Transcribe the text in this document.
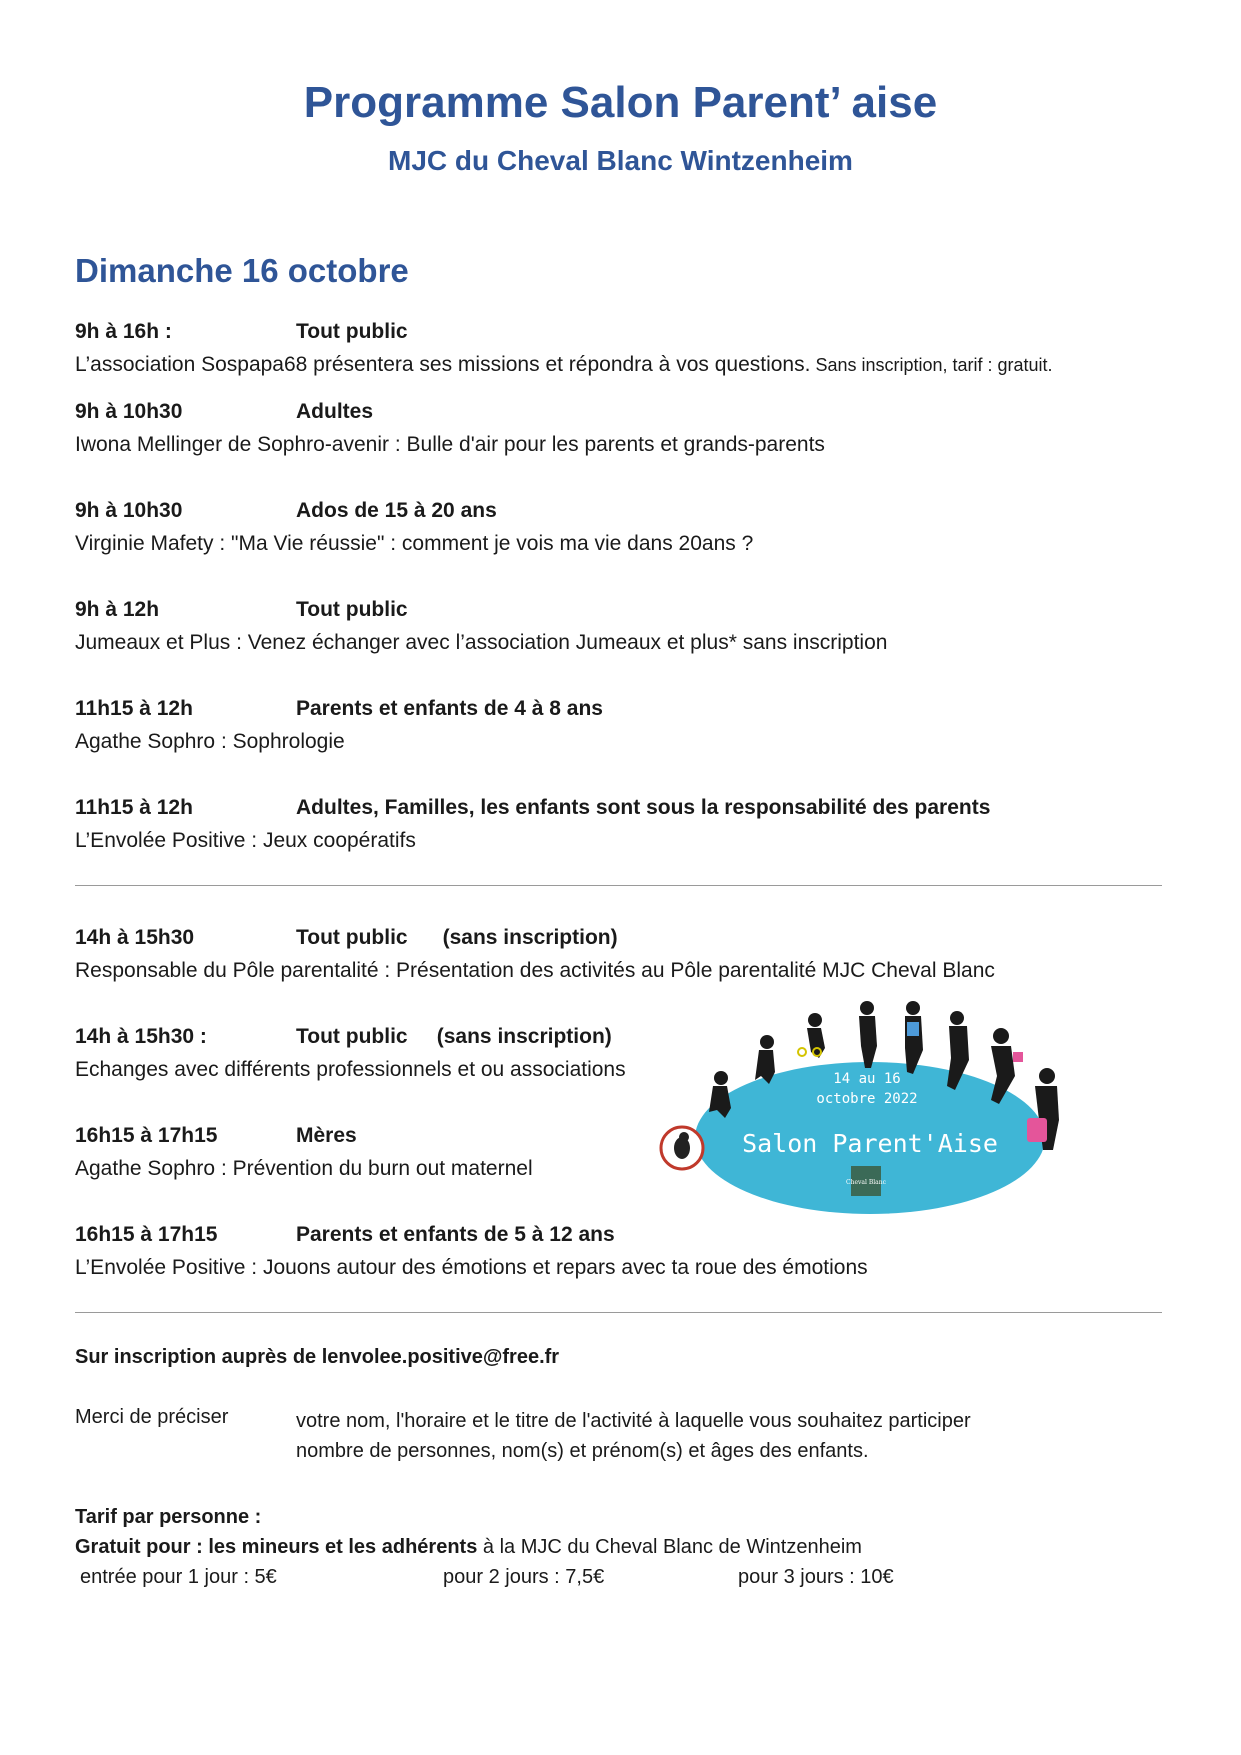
Programme Salon Parent’ aise
MJC du Cheval Blanc Wintzenheim
Dimanche 16 octobre
9h à 16h :	Tout public
L’association Sospapa68 présentera ses missions et répondra à vos questions. Sans inscription, tarif : gratuit.
9h à 10h30	Adultes
Iwona Mellinger de Sophro-avenir : Bulle d'air pour les parents et grands-parents
9h à 10h30	Ados de 15 à 20 ans
Virginie Mafety : "Ma Vie réussie" : comment je vois ma vie dans 20ans ?
9h à 12h	Tout public
Jumeaux et Plus : Venez échanger avec l’association Jumeaux et plus* sans inscription
11h15 à 12h	Parents et enfants de 4 à 8 ans
Agathe Sophro : Sophrologie
11h15 à 12h	Adultes, Familles, les enfants sont sous la responsabilité des parents
L’Envolée Positive : Jeux coopératifs
14h à 15h30	Tout public      (sans inscription)
Responsable du Pôle parentalité : Présentation des activités au Pôle parentalité MJC Cheval Blanc
14h à 15h30 :	Tout public     (sans inscription)
Echanges avec différents professionnels et ou associations
16h15 à 17h15	Mères
Agathe Sophro : Prévention du burn out maternel
16h15 à 17h15	Parents et enfants de 5 à 12 ans
L’Envolée Positive : Jouons autour des émotions et repars avec ta roue des émotions
14 au 16
octobre 2022
Salon Parent'Aise
Cheval Blanc
Sur inscription auprès de lenvolee.positive@free.fr
Merci de préciser	votre nom, l'horaire et le titre de l'activité à laquelle vous souhaitez participer
nombre de personnes, nom(s) et prénom(s) et âges des enfants.
Tarif par personne :
Gratuit pour : les mineurs et les adhérents à la MJC du Cheval Blanc de Wintzenheim
entrée pour 1 jour : 5€	pour 2 jours : 7,5€	pour 3 jours : 10€
